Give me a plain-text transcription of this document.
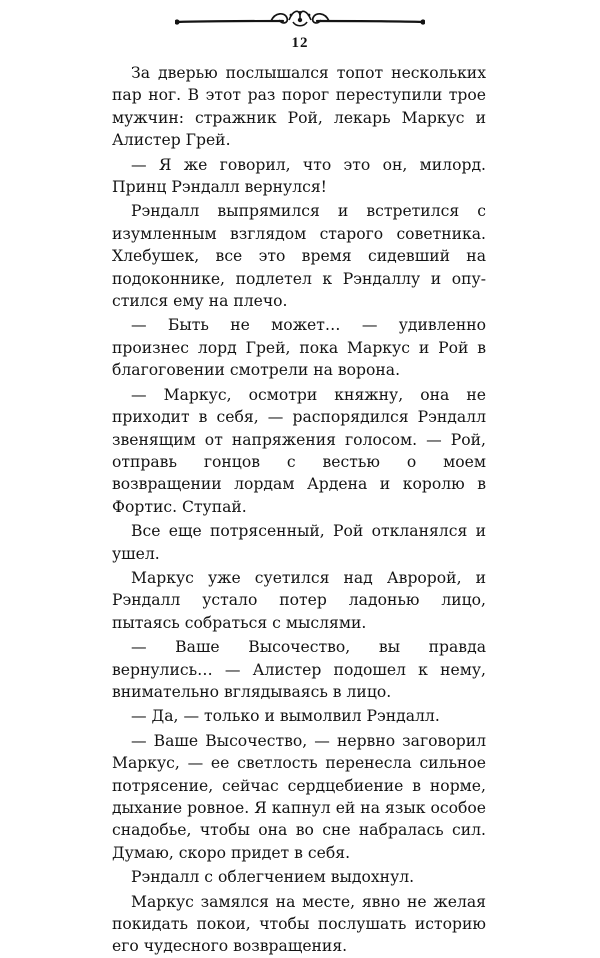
12

За дверью послышался топот нескольких пар ног. В этот раз порог переступили трое мужчин: стражник Рой, лекарь Маркус и Алистер Грей.

— Я же говорил, что это он, милорд. Принц Рэндалл вернулся!

Рэндалл выпрямился и встретился с изумленным взглядом старого советника. Хлебушек, все это время сидевший на подоконнике, подлетел к Рэндаллу и опустился ему на плечо.

— Быть не может… — удивленно произнес лорд Грей, пока Маркус и Рой в благоговении смотрели на ворона.

— Маркус, осмотри княжну, она не приходит в себя, — распорядился Рэндалл звенящим от напряжения голосом. — Рой, отправь гонцов с вестью о моем возвращении лордам Ардена и королю в Фортис. Ступай.

Все еще потрясенный, Рой откланялся и ушел.

Маркус уже суетился над Авророй, и Рэндалл устало потер ладонью лицо, пытаясь собраться с мыслями.

— Ваше Высочество, вы правда вернулись… — Алистер подошел к нему, внимательно вглядываясь в лицо.

— Да, — только и вымолвил Рэндалл.

— Ваше Высочество, — нервно заговорил Маркус, — ее светлость перенесла сильное потрясение, сейчас сердцебиение в норме, дыхание ровное. Я капнул ей на язык особое снадобье, чтобы она во сне набралась сил. Думаю, скоро придет в себя.

Рэндалл с облегчением выдохнул.

Маркус замялся на месте, явно не желая покидать покои, чтобы послушать историю его чудесного возвращения.
